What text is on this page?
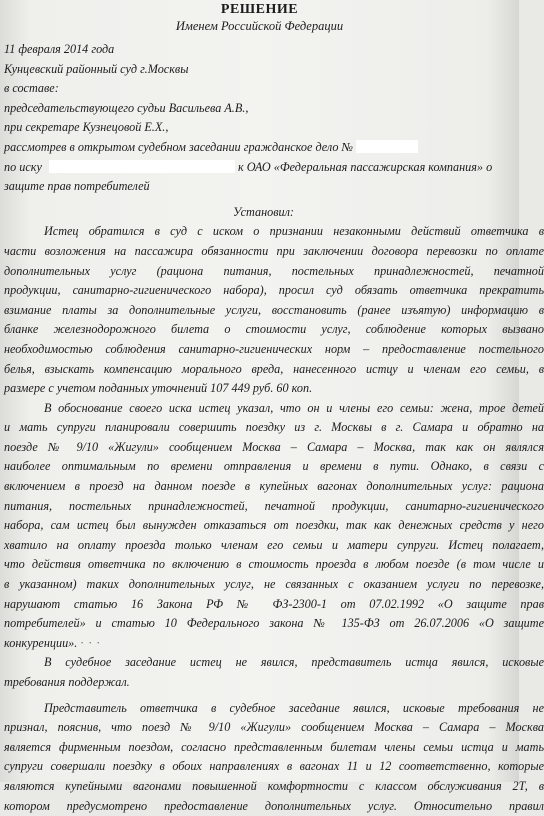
РЕШЕНИЕ
Именем Российской Федерации

11 февраля 2014 года

Кунцевский районный суд г.Москвы

в составе:

председательствующего судьи Васильева А.В.,

при секретаре Кузнецовой Е.Х.,

рассмотрев в открытом судебном заседании гражданское дело №

по иску	к ОАО «Федеральная пассажирская компания» о

защите прав потребителей

Установил:

Истец обратился в суд с иском о признании незаконными действий ответчика в

части возложения на пассажира обязанности при заключении договора перевозки по оплате

дополнительных услуг (рациона питания, постельных принадлежностей, печатной

продукции, санитарно-гигиенического набора), просил суд обязать ответчика прекратить

взимание платы за дополнительные услуги, восстановить (ранее изъятую) информацию в

бланке железнодорожного билета о стоимости услуг, соблюдение которых вызвано

необходимостью соблюдения санитарно-гигиенических норм – предоставление постельного

белья, взыскать компенсацию морального вреда, нанесенного истцу и членам его семьи, в

размере с учетом поданных уточнений 107 449 руб. 60 коп.

В обоснование своего иска истец указал, что он и члены его семьи: жена, трое детей

и мать супруги планировали совершить поездку из г. Москвы в г. Самара и обратно на

поезде № 9/10 «Жигули» сообщением Москва – Самара – Москва, так как он являлся

наиболее оптимальным по времени отправления и времени в пути. Однако, в связи с

включением в проезд на данном поезде в купейных вагонах дополнительных услуг: рациона

питания, постельных принадлежностей, печатной продукции, санитарно-гигиенического

набора, сам истец был вынужден отказаться от поездки, так как денежных средств у него

хватило на оплату проезда только членам его семьи и матери супруги. Истец полагает,

что действия ответчика по включению в стоимость проезда в любом поезде (в том числе и

в указанном) таких дополнительных услуг, не связанных с оказанием услуги по перевозке,

нарушают статью 16 Закона РФ № ФЗ-2300-1 от 07.02.1992 «О защите прав

потребителей» и статью 10 Федерального закона № 135-ФЗ от 26.07.2006 «О защите

конкуренции». · · ·

В судебное заседание истец не явился, представитель истца явился, исковые

требования поддержал.

Представитель ответчика в судебное заседание явился, исковые требования не

признал, пояснив, что поезд № 9/10 «Жигули» сообщением Москва – Самара – Москва

является фирменным поездом, согласно представленным билетам члены семьи истца и мать

супруги совершали поездку в обоих направлениях в вагонах 11 и 12 соответственно, которые

являются купейными вагонами повышенной комфортности с классом обслуживания 2Т, в

котором предусмотрено предоставление дополнительных услуг. Относительно правил
